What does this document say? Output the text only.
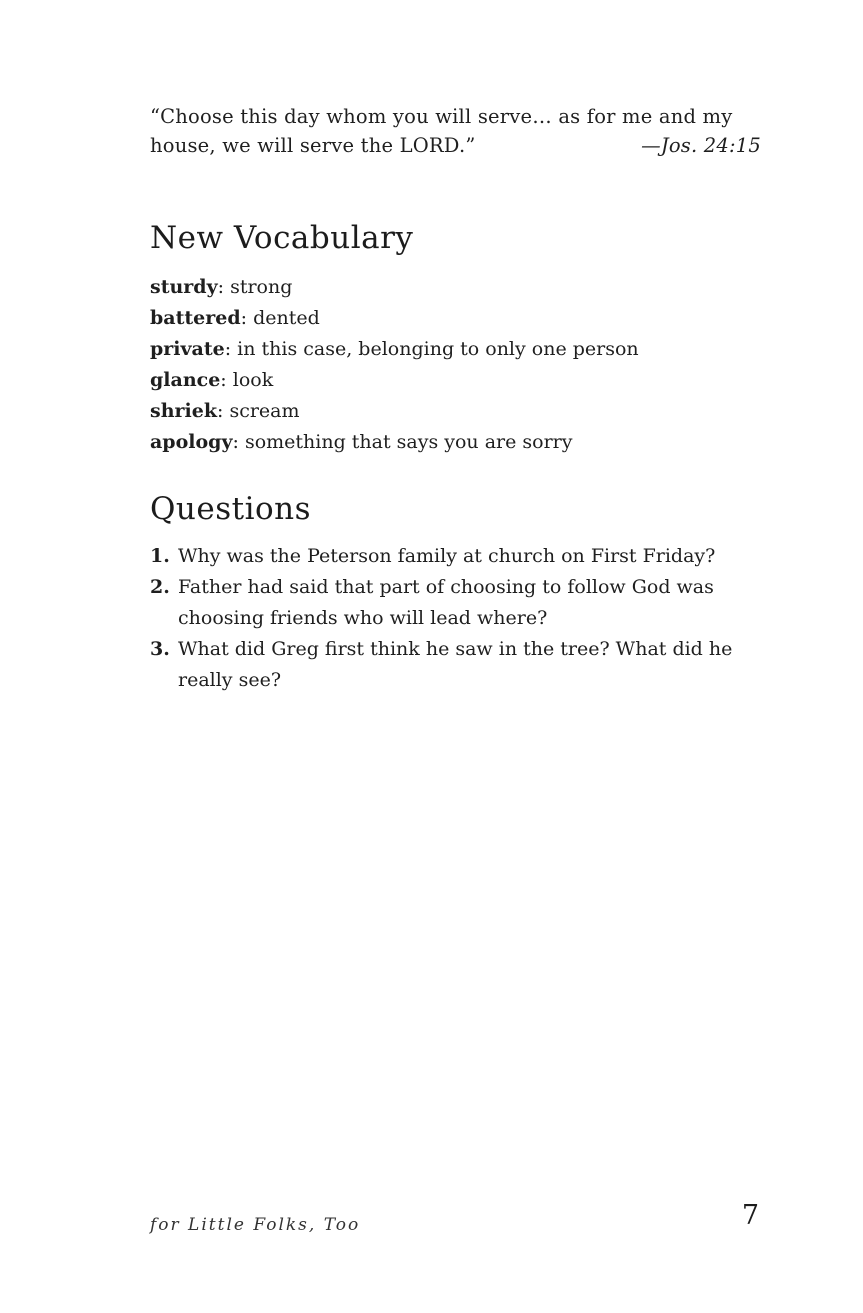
“Choose this day whom you will serve… as for me and my
house, we will serve the LORD.”	—Jos. 24:15
New Vocabulary
sturdy: strong
battered: dented
private: in this case, belonging to only one person
glance: look
shriek: scream
apology: something that says you are sorry
Questions
1. Why was the Peterson family at church on First Friday?
2. Father had said that part of choosing to follow God was
choosing friends who will lead where?
3. What did Greg first think he saw in the tree? What did he
really see?
for Little Folks, Too	7
